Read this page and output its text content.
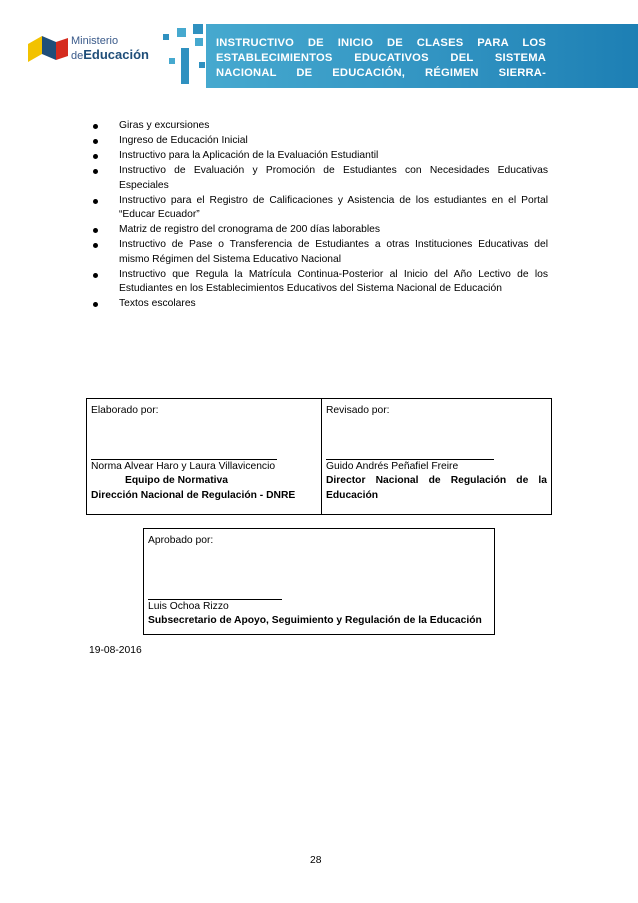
Ministerio
deEducación
INSTRUCTIVO DE INICIO DE CLASES PARA LOS ESTABLECIMIENTOS EDUCATIVOS DEL SISTEMA NACIONAL DE EDUCACIÓN, RÉGIMEN SIERRA-
Giras y excursiones
Ingreso de Educación Inicial
Instructivo para la Aplicación de la Evaluación Estudiantil
Instructivo de Evaluación y Promoción de Estudiantes con Necesidades Educativas Especiales
Instructivo para el Registro de Calificaciones y Asistencia de los estudiantes en el Portal “Educar Ecuador”
Matriz de registro del cronograma de 200 días laborables
Instructivo de Pase o Transferencia de Estudiantes a otras Instituciones Educativas del mismo Régimen del Sistema Educativo Nacional
Instructivo que Regula la Matrícula Continua-Posterior al Inicio del Año Lectivo de los Estudiantes en los Establecimientos Educativos del Sistema Nacional de Educación
Textos escolares
Elaborado por:
Norma Alvear Haro y Laura Villavicencio
Equipo de Normativa
Dirección Nacional de Regulación - DNRE
Revisado por:
Guido Andrés Peñafiel Freire
Director Nacional de Regulación de la
Educación
Aprobado por:
Luis Ochoa Rizzo
Subsecretario de Apoyo, Seguimiento y Regulación de la Educación
19-08-2016
28
